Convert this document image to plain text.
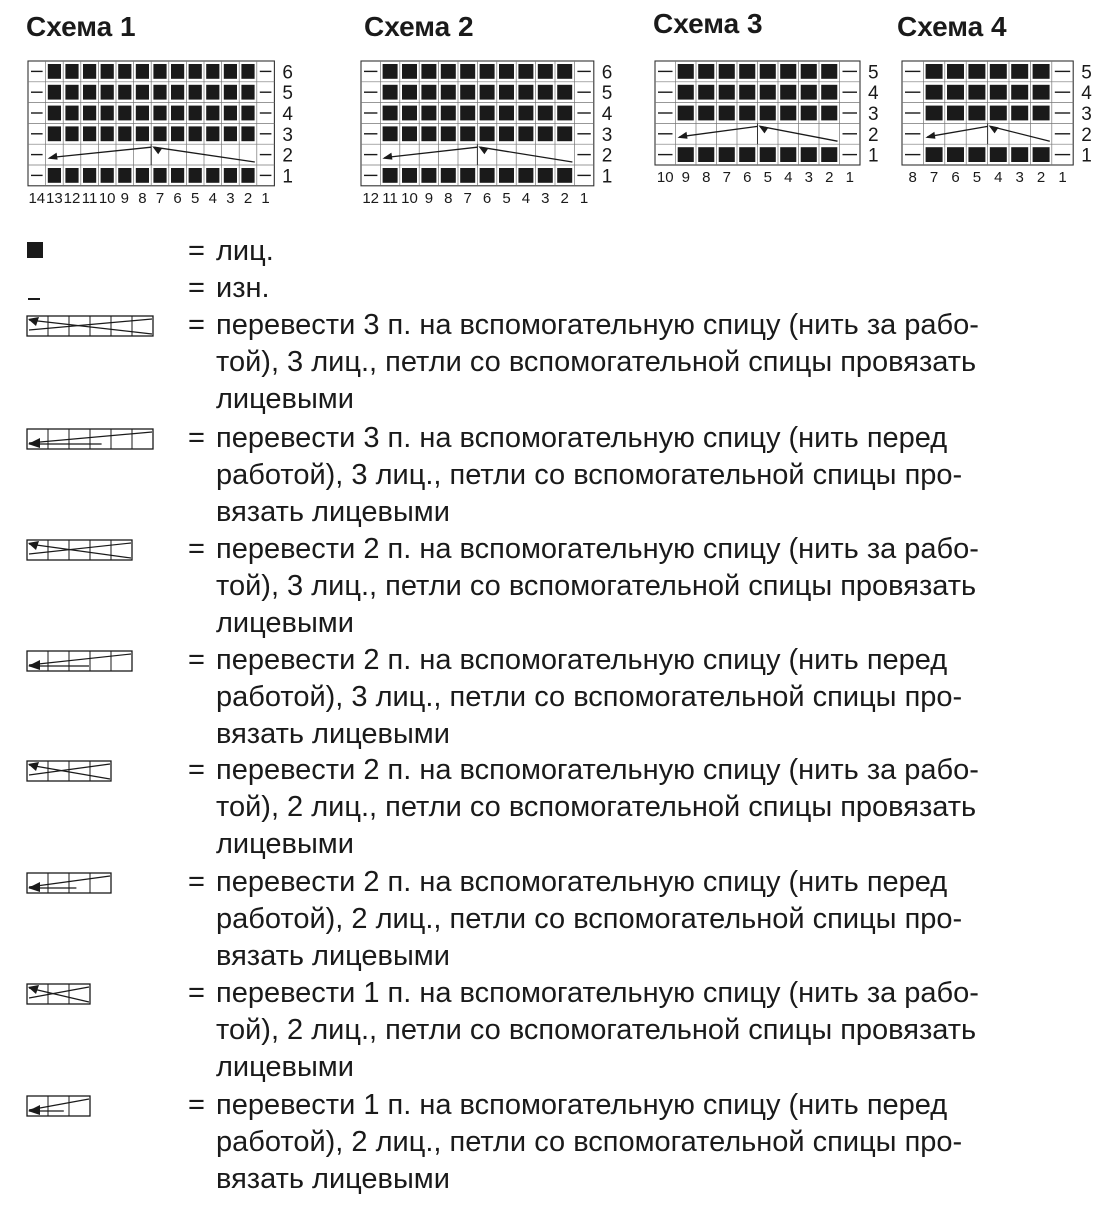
Схема 1	Схема 2	Схема 3	Схема 4
1
2
3
4
5
6
14 13 12 11 10 9 8 7 6 5 4 3 2 1
1
2
3
4
5
6
12 11 10 9 8 7 6 5 4 3 2 1
1
2
3
4
5
10 9 8 7 6 5 4 3 2 1
1
2
3
4
5
8 7 6 5 4 3 2 1
= лиц.
= изн.
= перевести 3 п. на вспомогательную спицу (нить за рабо-
той), 3 лиц., петли со вспомогательной спицы провязать
лицевыми
= перевести 3 п. на вспомогательную спицу (нить перед
работой), 3 лиц., петли со вспомогательной спицы про-
вязать лицевыми
= перевести 2 п. на вспомогательную спицу (нить за рабо-
той), 3 лиц., петли со вспомогательной спицы провязать
лицевыми
= перевести 2 п. на вспомогательную спицу (нить перед
работой), 3 лиц., петли со вспомогательной спицы про-
вязать лицевыми
= перевести 2 п. на вспомогательную спицу (нить за рабо-
той), 2 лиц., петли со вспомогательной спицы провязать
лицевыми
= перевести 2 п. на вспомогательную спицу (нить перед
работой), 2 лиц., петли со вспомогательной спицы про-
вязать лицевыми
= перевести 1 п. на вспомогательную спицу (нить за рабо-
той), 2 лиц., петли со вспомогательной спицы провязать
лицевыми
= перевести 1 п. на вспомогательную спицу (нить перед
работой), 2 лиц., петли со вспомогательной спицы про-
вязать лицевыми
